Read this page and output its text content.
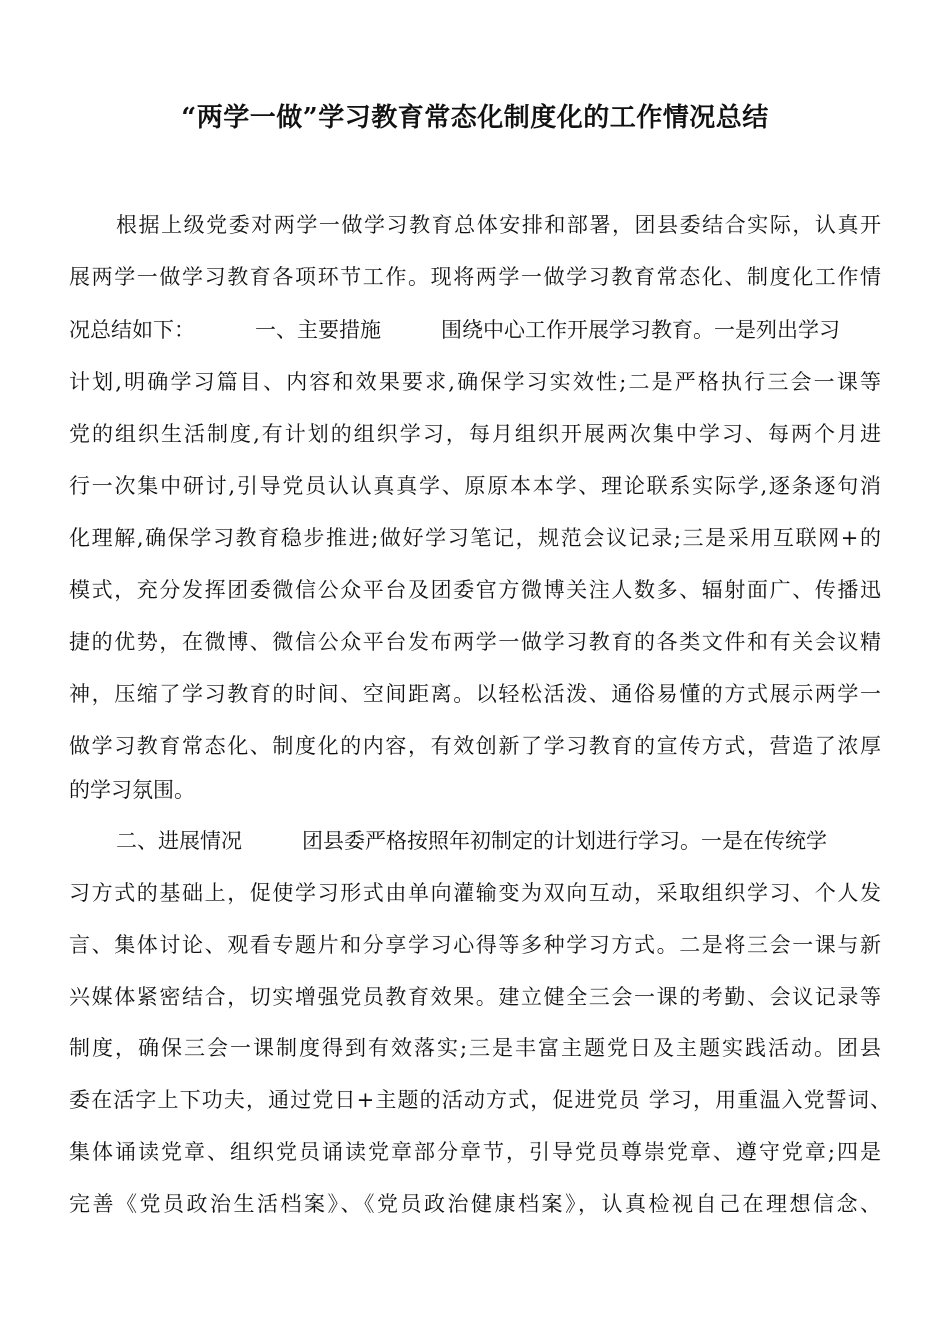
“两学一做”学习教育常态化制度化的工作情况总结
根据上级党委对两学一做学习教育总体安排和部署，团县委结合实际，认真开
展两学一做学习教育各项环节工作。现将两学一做学习教育常态化、制度化工作情
况总结如下：	一、主要措施	围绕中心工作开展学习教育。一是列出学习
计划,明确学习篇目、内容和效果要求,确保学习实效性;二是严格执行三会一课等
党的组织生活制度,有计划的组织学习，每月组织开展两次集中学习、每两个月进
行一次集中研讨,引导党员认认真真学、原原本本学、理论联系实际学,逐条逐句消
化理解,确保学习教育稳步推进;做好学习笔记，规范会议记录;三是采用互联网+的
模式，充分发挥团委微信公众平台及团委官方微博关注人数多、辐射面广、传播迅
捷的优势，在微博、微信公众平台发布两学一做学习教育的各类文件和有关会议精
神，压缩了学习教育的时间、空间距离。以轻松活泼、通俗易懂的方式展示两学一
做学习教育常态化、制度化的内容，有效创新了学习教育的宣传方式，营造了浓厚
的学习氛围。
二、进展情况	团县委严格按照年初制定的计划进行学习。一是在传统学
习方式的基础上，促使学习形式由单向灌输变为双向互动，采取组织学习、个人发
言、集体讨论、观看专题片和分享学习心得等多种学习方式。二是将三会一课与新
兴媒体紧密结合，切实增强党员教育效果。建立健全三会一课的考勤、会议记录等
制度，确保三会一课制度得到有效落实;三是丰富主题党日及主题实践活动。团县
委在活字上下功夫，通过党日+主题的活动方式，促进党员 学习，用重温入党誓词、
集体诵读党章、组织党员诵读党章部分章节，引导党员尊崇党章、遵守党章;四是
完善《党员政治生活档案》、《党员政治健康档案》，认真检视自己在理想信念、
